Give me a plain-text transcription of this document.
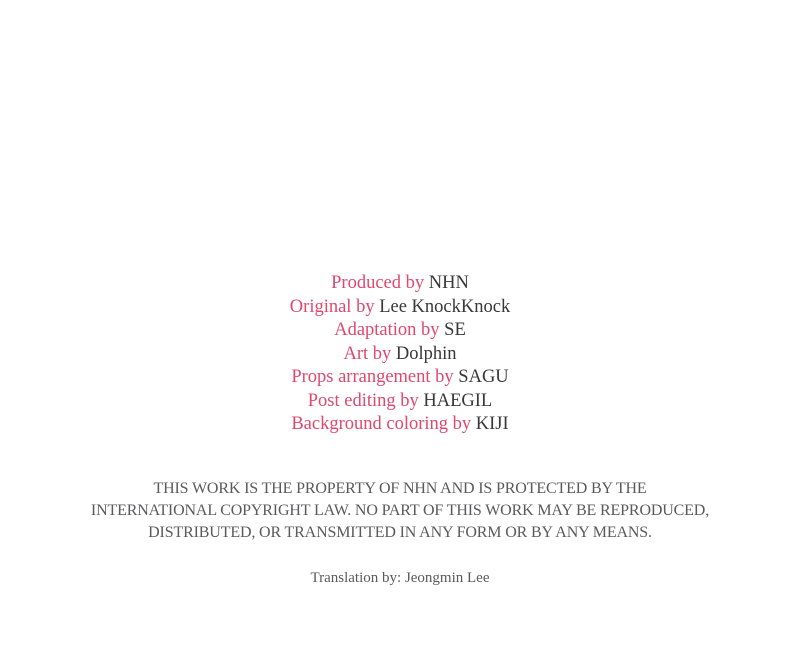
Produced by NHN
Original by Lee KnockKnock
Adaptation by SE
Art by Dolphin
Props arrangement by SAGU
Post editing by HAEGIL
Background coloring by KIJI
THIS WORK IS THE PROPERTY OF NHN AND IS PROTECTED BY THE
INTERNATIONAL COPYRIGHT LAW. NO PART OF THIS WORK MAY BE REPRODUCED,
DISTRIBUTED, OR TRANSMITTED IN ANY FORM OR BY ANY MEANS.
Translation by: Jeongmin Lee
